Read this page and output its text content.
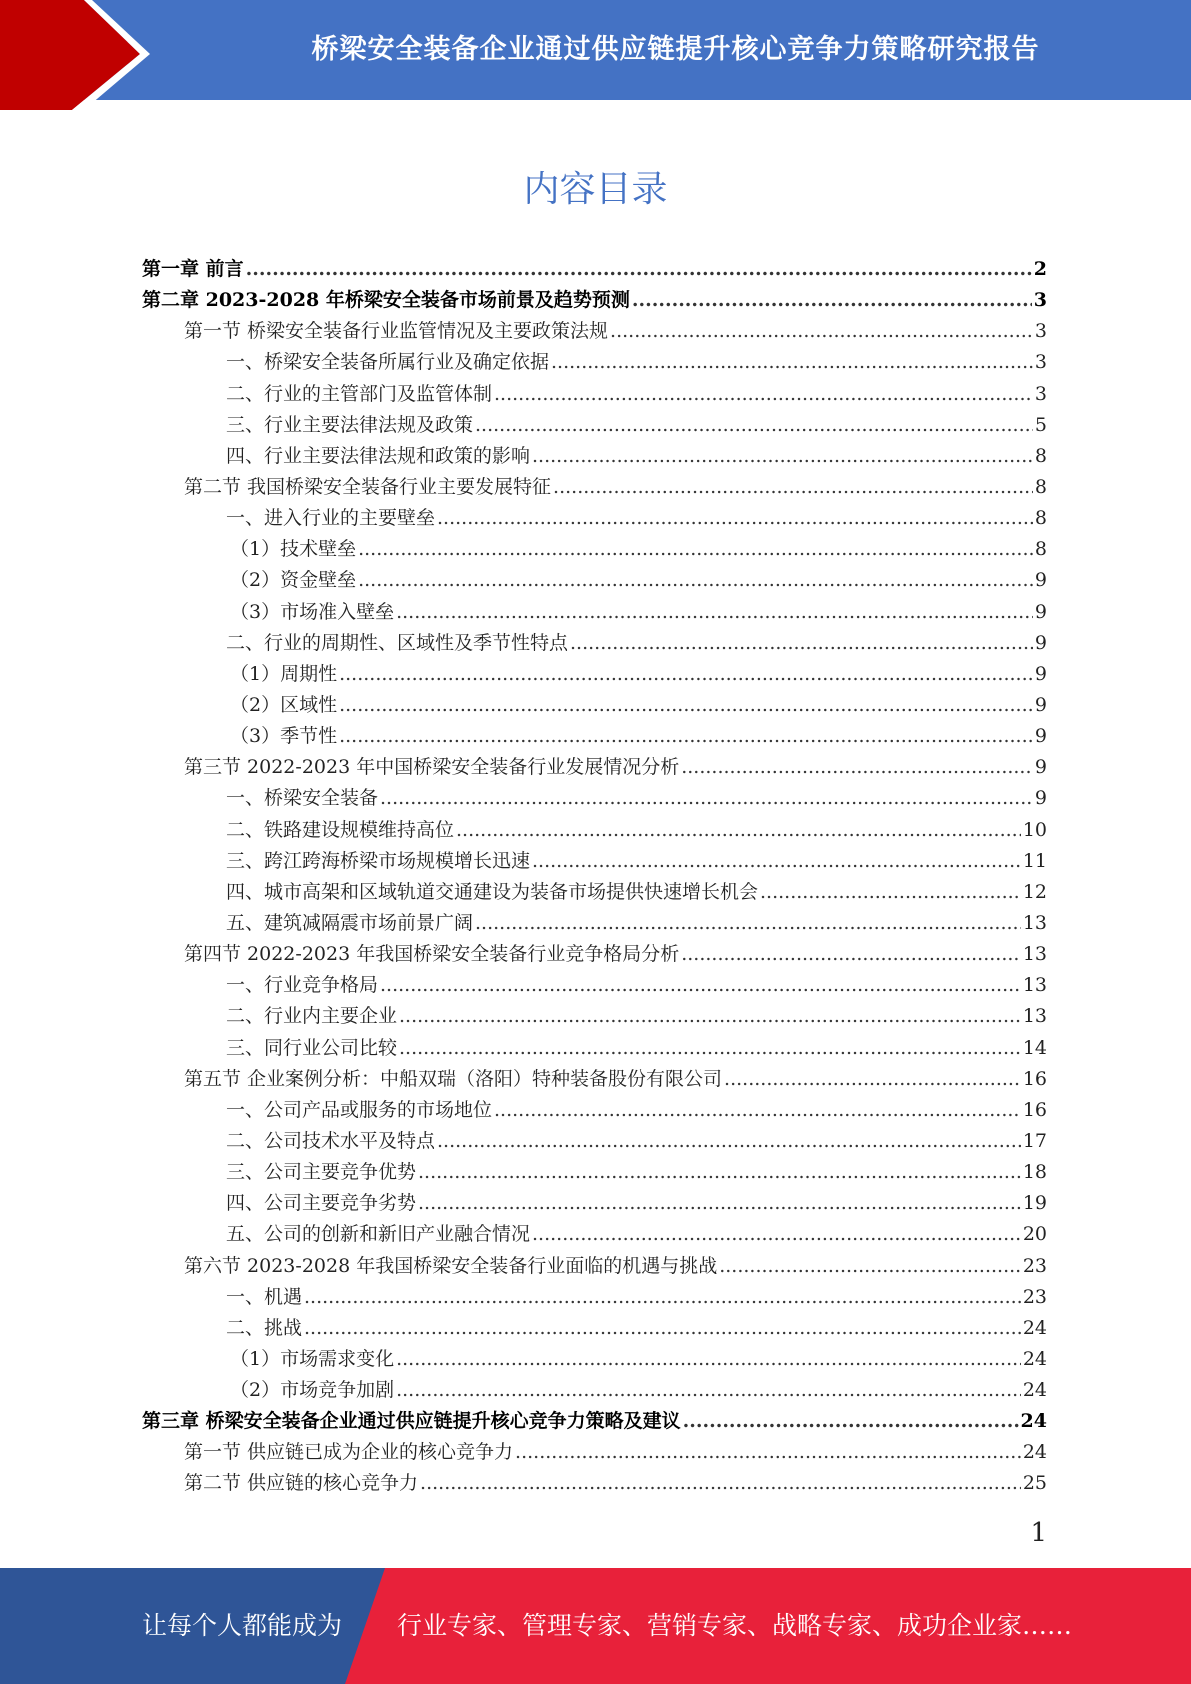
桥梁安全装备企业通过供应链提升核心竞争力策略研究报告
内容目录
第一章 前言 .....	2
第二章 2023-2028 年桥梁安全装备市场前景及趋势预测 .....	3
第一节 桥梁安全装备行业监管情况及主要政策法规 .....	3
一、桥梁安全装备所属行业及确定依据 .....	3
二、行业的主管部门及监管体制 .....	3
三、行业主要法律法规及政策 .....	5
四、行业主要法律法规和政策的影响 .....	8
第二节 我国桥梁安全装备行业主要发展特征 .....	8
一、进入行业的主要壁垒 .....	8
（1）技术壁垒 .....	8
（2）资金壁垒 .....	9
（3）市场准入壁垒 .....	9
二、行业的周期性、区域性及季节性特点 .....	9
（1）周期性 .....	9
（2）区域性 .....	9
（3）季节性 .....	9
第三节 2022-2023 年中国桥梁安全装备行业发展情况分析 .....	9
一、桥梁安全装备 .....	9
二、铁路建设规模维持高位 .....	10
三、跨江跨海桥梁市场规模增长迅速 .....	11
四、城市高架和区域轨道交通建设为装备市场提供快速增长机会 .....	12
五、建筑减隔震市场前景广阔 .....	13
第四节 2022-2023 年我国桥梁安全装备行业竞争格局分析 .....	13
一、行业竞争格局 .....	13
二、行业内主要企业 .....	13
三、同行业公司比较 .....	14
第五节 企业案例分析：中船双瑞（洛阳）特种装备股份有限公司 .....	16
一、公司产品或服务的市场地位 .....	16
二、公司技术水平及特点 .....	17
三、公司主要竞争优势 .....	18
四、公司主要竞争劣势 .....	19
五、公司的创新和新旧产业融合情况 .....	20
第六节 2023-2028 年我国桥梁安全装备行业面临的机遇与挑战 .....	23
一、机遇 .....	23
二、挑战 .....	24
（1）市场需求变化 .....	24
（2）市场竞争加剧 .....	24
第三章 桥梁安全装备企业通过供应链提升核心竞争力策略及建议 .....	24
第一节 供应链已成为企业的核心竞争力 .....	24
第二节 供应链的核心竞争力 .....	25
1
让每个人都能成为 行业专家、管理专家、营销专家、战略专家、成功企业家……
